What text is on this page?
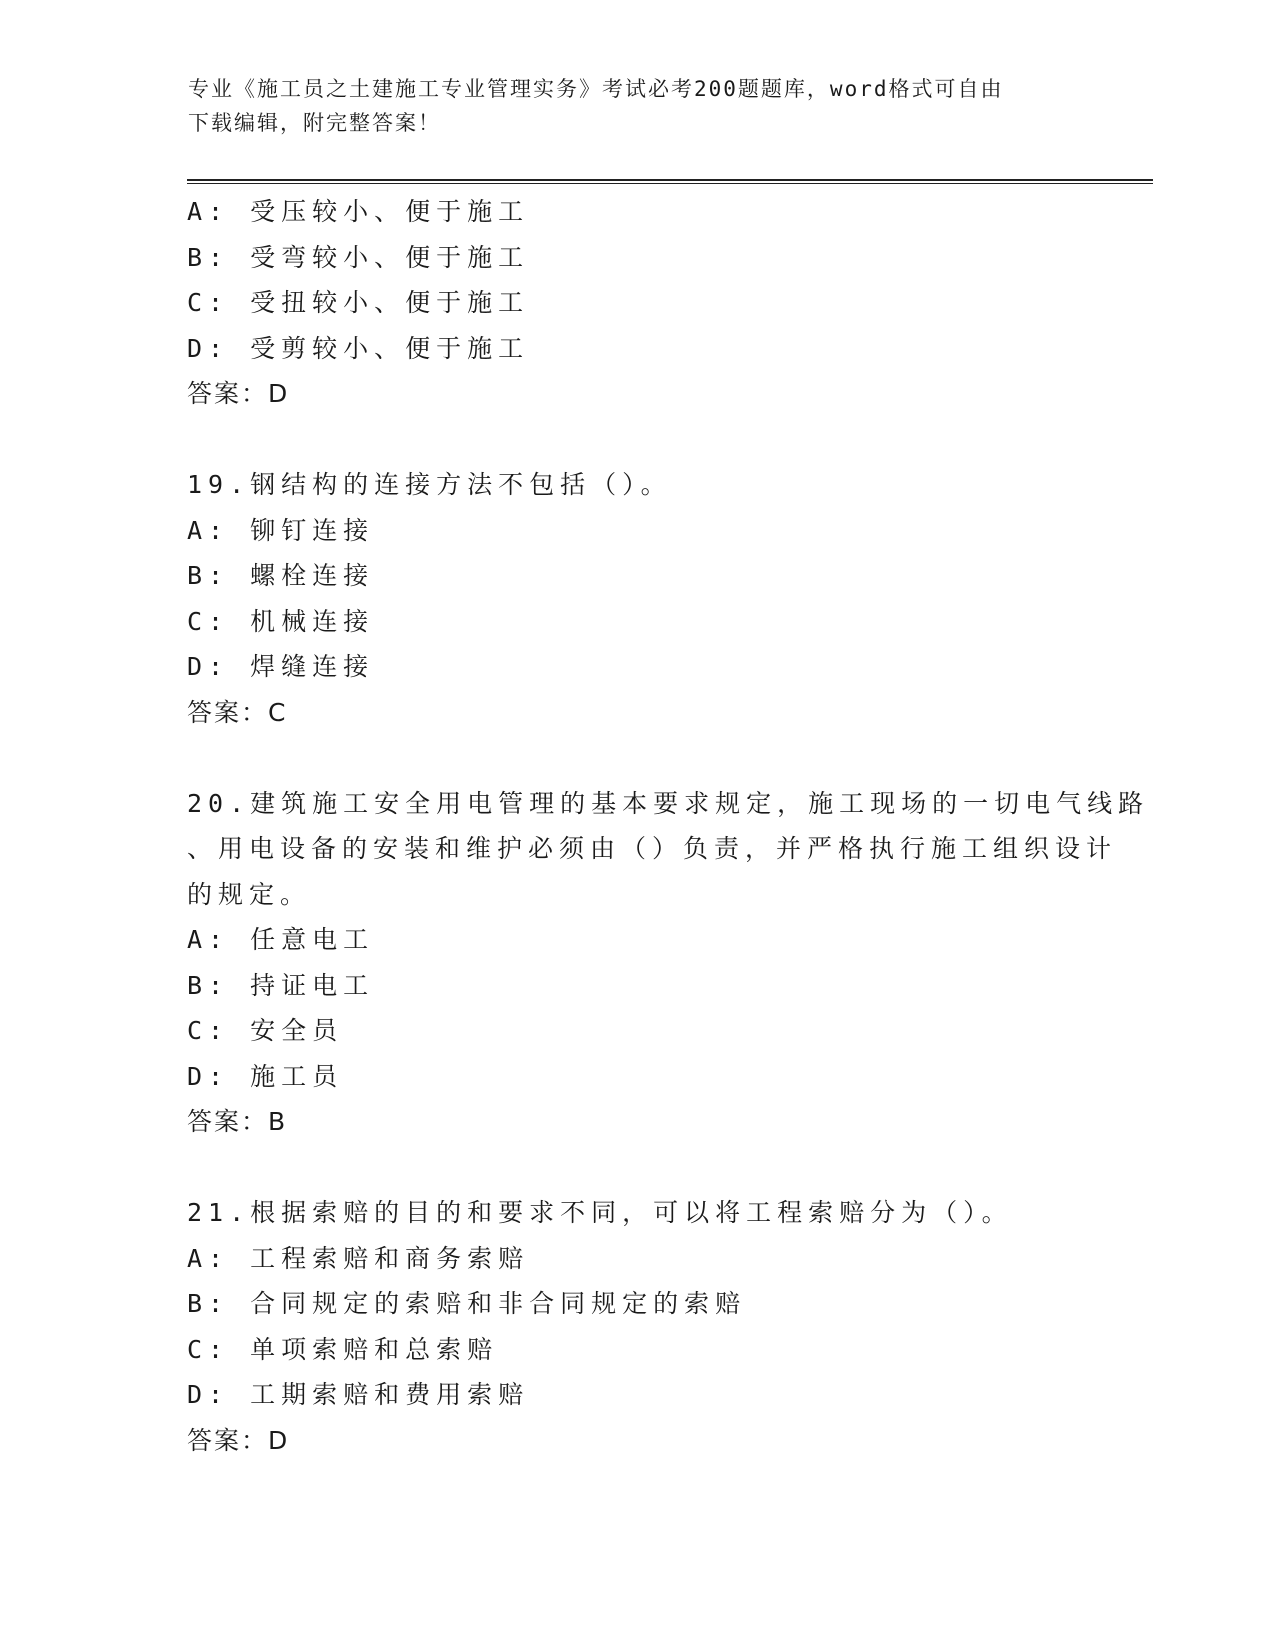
专业《施工员之土建施工专业管理实务》考试必考200题题库，word格式可自由
下载编辑，附完整答案！
A: 受压较小、便于施工
B: 受弯较小、便于施工
C: 受扭较小、便于施工
D: 受剪较小、便于施工
答案：D
19.钢结构的连接方法不包括（）。
A: 铆钉连接
B: 螺栓连接
C: 机械连接
D: 焊缝连接
答案：C
20.建筑施工安全用电管理的基本要求规定，施工现场的一切电气线路
、用电设备的安装和维护必须由（）负责，并严格执行施工组织设计
的规定。
A: 任意电工
B: 持证电工
C: 安全员
D: 施工员
答案：B
21.根据索赔的目的和要求不同，可以将工程索赔分为（）。
A: 工程索赔和商务索赔
B: 合同规定的索赔和非合同规定的索赔
C: 单项索赔和总索赔
D: 工期索赔和费用索赔
答案：D
